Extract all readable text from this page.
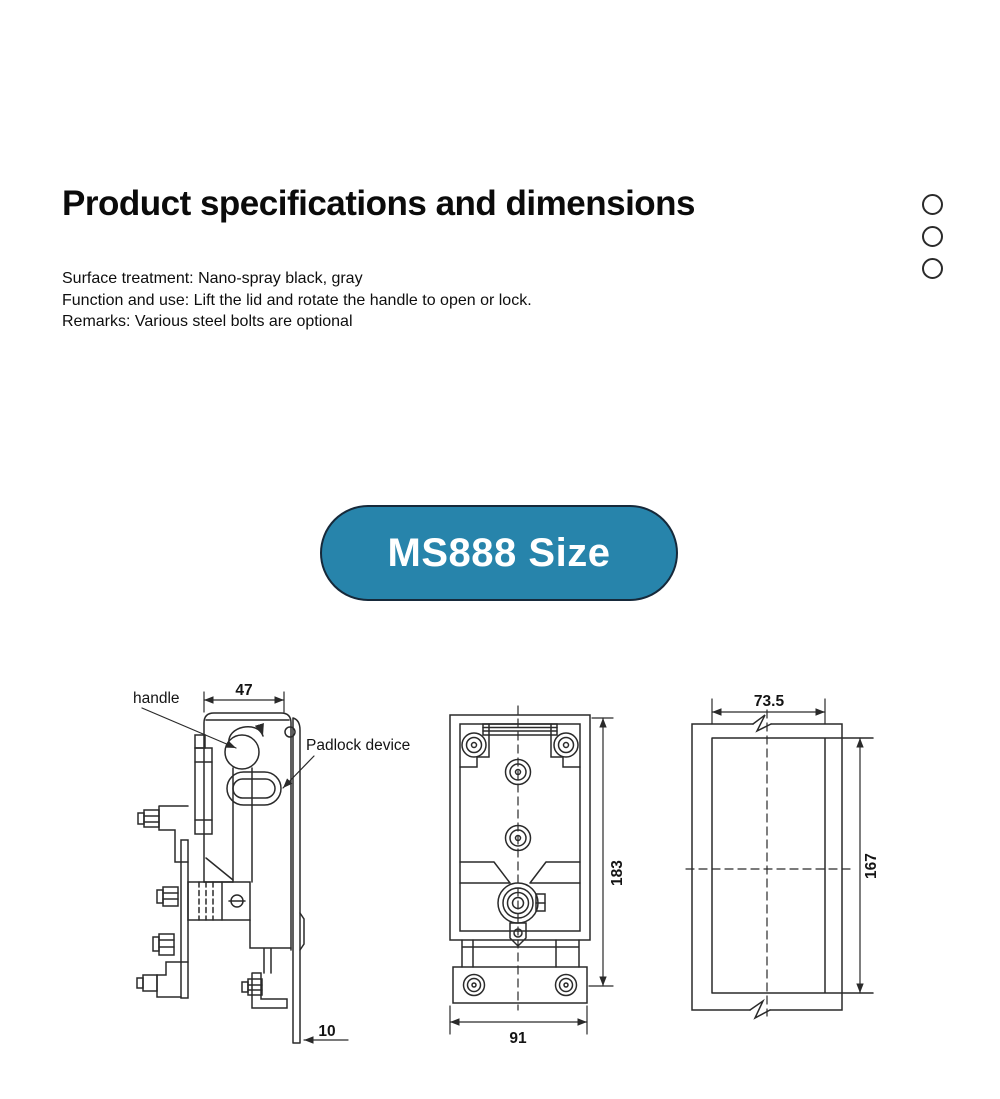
Product specifications and dimensions
Surface treatment: Nano-spray black, gray
Function and use: Lift the lid and rotate the handle to open or lock.
Remarks: Various steel bolts are optional
MS888 Size
47
10
handle
Padlock device
183
91
73.5
167
